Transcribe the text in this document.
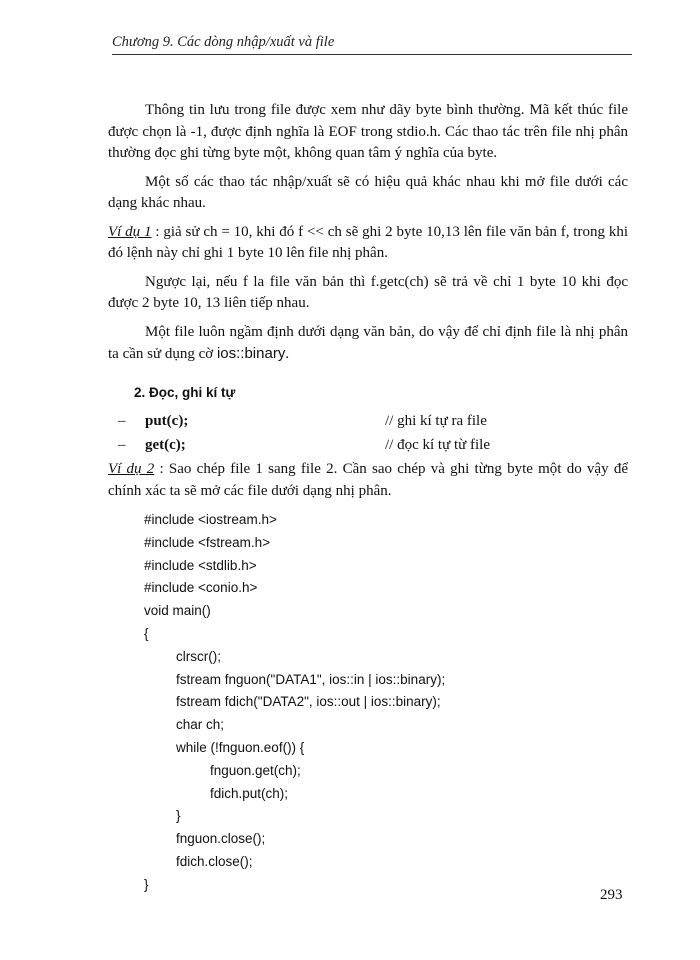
Chương 9. Các dòng nhập/xuất và file

Thông tin lưu trong file được xem như dãy byte bình thường. Mã kết thúc file được chọn là -1, được định nghĩa là EOF trong stdio.h. Các thao tác trên file nhị phân thường đọc ghi từng byte một, không quan tâm ý nghĩa của byte.

Một số các thao tác nhập/xuất sẽ có hiệu quả khác nhau khi mở file dưới các dạng khác nhau.

Ví dụ 1 : giả sử ch = 10, khi đó f << ch sẽ ghi 2 byte 10,13 lên file văn bản f, trong khi đó lệnh này chỉ ghi 1 byte 10 lên file nhị phân.

Ngược lại, nếu f la file văn bản thì f.getc(ch) sẽ trả về chỉ 1 byte 10 khi đọc được 2 byte 10, 13 liên tiếp nhau.

Một file luôn ngầm định dưới dạng văn bản, do vậy để chỉ định file là nhị phân ta cần sử dụng cờ ios::binary.

2. Đọc, ghi kí tự
– put(c);	// ghi kí tự ra file
– get(c);	// đọc kí tự từ file

Ví dụ 2 : Sao chép file 1 sang file 2. Cần sao chép và ghi từng byte một do vậy để chính xác ta sẽ mở các file dưới dạng nhị phân.

#include <iostream.h>
#include <fstream.h>
#include <stdlib.h>
#include <conio.h>
void main()
{
clrscr();
fstream fnguon("DATA1", ios::in | ios::binary);
fstream fdich("DATA2", ios::out | ios::binary);
char ch;
while (!fnguon.eof()) {
fnguon.get(ch);
fdich.put(ch);
}
fnguon.close();
fdich.close();
}
293
